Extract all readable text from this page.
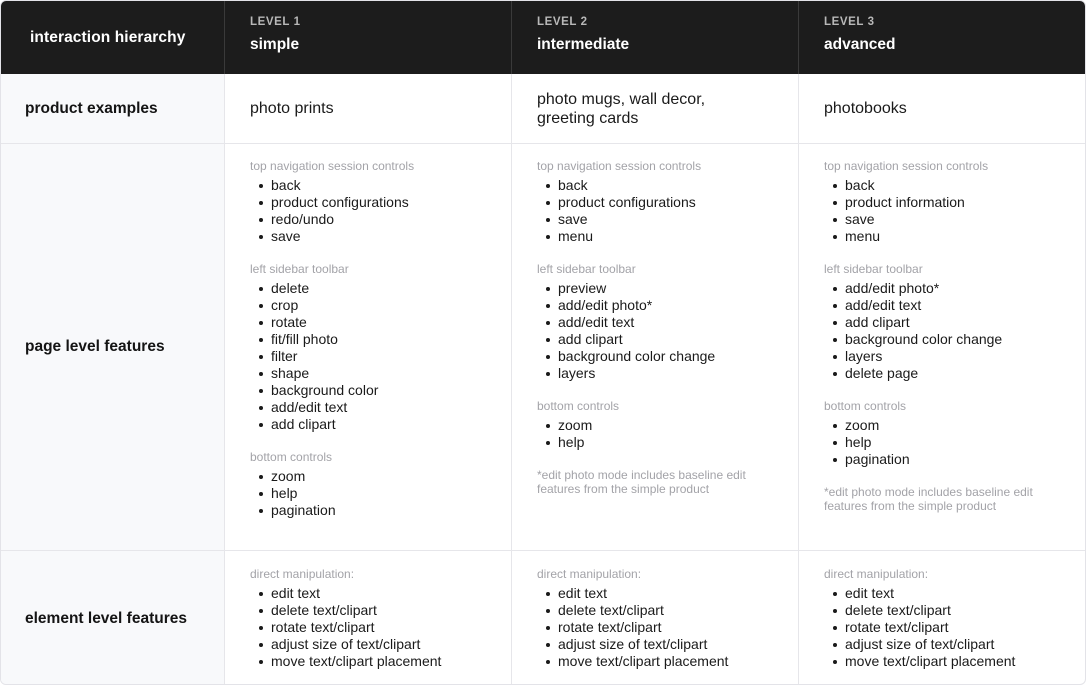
interaction hierarchy
LEVEL 1
simple
LEVEL 2
intermediate
LEVEL 3
advanced
product examples	photo prints
photo mugs, wall decor, greeting cards
photobooks
page level features
top navigation session controls
back
product configurations
redo/undo
save
left sidebar toolbar
delete
crop
rotate
fit/fill photo
filter
shape
background color
add/edit text
add clipart
bottom controls
zoom
help
pagination
top navigation session controls
back
product configurations
save
menu
left sidebar toolbar
preview
add/edit photo*
add/edit text
add clipart
background color change
layers
bottom controls
zoom
help
*edit photo mode includes baseline edit features from the simple product
top navigation session controls
back
product information
save
menu
left sidebar toolbar
add/edit photo*
add/edit text
add clipart
background color change
layers
delete page
bottom controls
zoom
help
pagination
*edit photo mode includes baseline edit features from the simple product
element level features
direct manipulation:
edit text
delete text/clipart
rotate text/clipart
adjust size of text/clipart
move text/clipart placement
direct manipulation:
edit text
delete text/clipart
rotate text/clipart
adjust size of text/clipart
move text/clipart placement
direct manipulation:
edit text
delete text/clipart
rotate text/clipart
adjust size of text/clipart
move text/clipart placement
